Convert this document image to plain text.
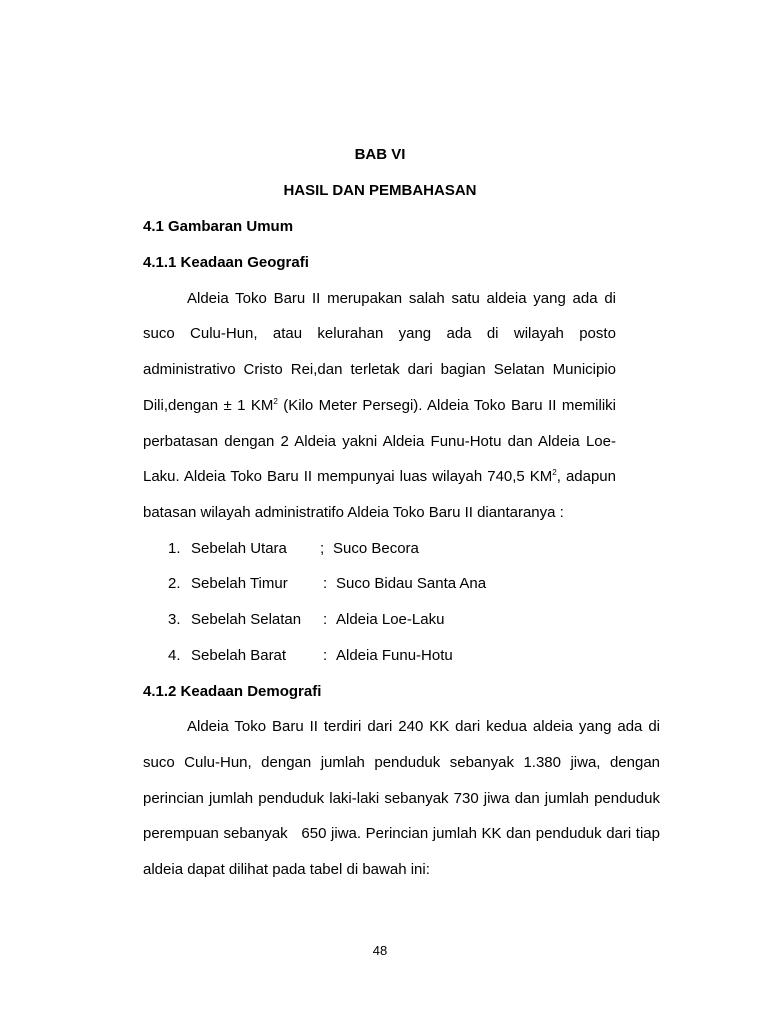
BAB VI
HASIL DAN PEMBAHASAN
4.1 Gambaran Umum
4.1.1 Keadaan Geografi
Aldeia Toko Baru II merupakan salah satu aldeia yang ada di
suco Culu-Hun, atau kelurahan yang ada di wilayah posto
administrativo Cristo Rei,dan terletak dari bagian Selatan Municipio
Dili,dengan ± 1 $KM^2$ (Kilo Meter Persegi). Aldeia Toko Baru II memiliki
perbatasan dengan 2 Aldeia yakni Aldeia Funu-Hotu dan Aldeia Loe-
Laku. Aldeia Toko Baru II mempunyai luas wilayah 740,5 $KM^2$, adapun
batasan wilayah administratifo Aldeia Toko Baru II diantaranya :
1. Sebelah Utara ; Suco Becora
2. Sebelah Timur : Suco Bidau Santa Ana
3. Sebelah Selatan : Aldeia Loe-Laku
4. Sebelah Barat : Aldeia Funu-Hotu
4.1.2 Keadaan Demografi
Aldeia Toko Baru II terdiri dari 240 KK dari kedua aldeia yang ada di
suco Culu-Hun, dengan jumlah penduduk sebanyak 1.380 jiwa, dengan
perincian jumlah penduduk laki-laki sebanyak 730 jiwa dan jumlah penduduk
perempuan sebanyak   650 jiwa. Perincian jumlah KK dan penduduk dari tiap
aldeia dapat dilihat pada tabel di bawah ini:
48
